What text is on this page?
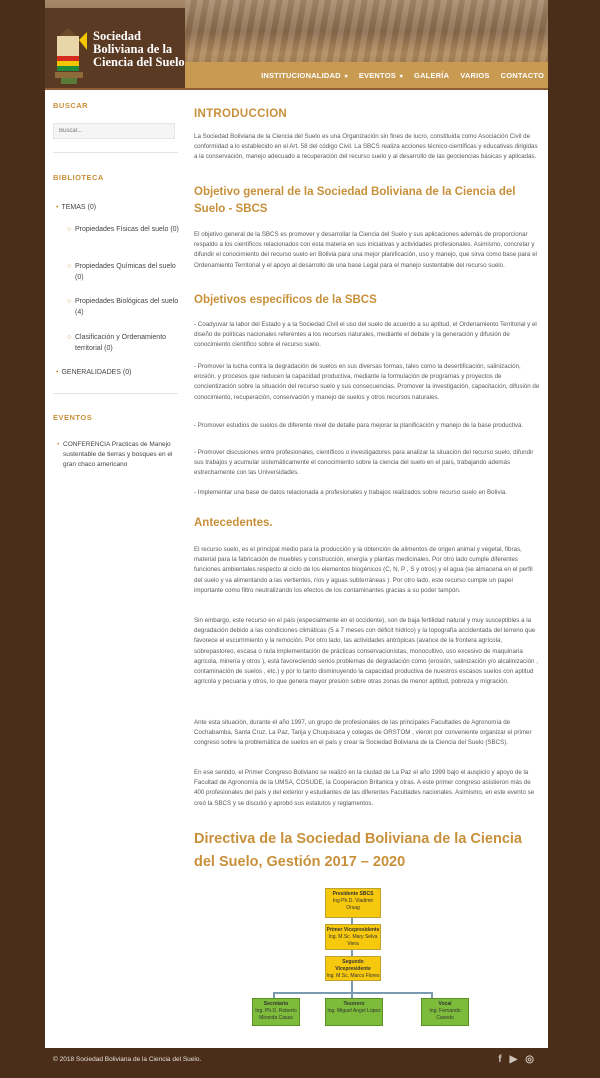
Sociedad
Boliviana de la
Ciencia del Suelo
INSTITUCIONALIDAD ▾ EVENTOS ▾ GALERÍA VARIOS CONTACTO
BUSCAR
Buscar...
BIBLIOTECA
• TEMAS (0)
○ Propiedades Físicas del suelo (0)
○ Propiedades Químicas del suelo (0)
○ Propiedades Biológicas del suelo (4)
○ Clasificación y Ordenamiento territorial (0)
• GENERALIDADES (0)
EVENTOS
• CONFERENCIA Practicas de Manejo sustentable de tierras y bosques en el gran chaco americano
INTRODUCCION

La Sociedad Boliviana de la Ciencia del Suelo es una Organización sin fines de lucro, constituida como Asociación Civil de conformidad a lo establecido en el Art. 58 del código Civil. La SBCS realiza acciones técnico-científicas y educativas dirigidas a la conservación, manejo adecuado a recuperación del recurso suelo y al desarrollo de las geociencias básicas y aplicadas.

Objetivo general de la Sociedad Boliviana de la Ciencia del Suelo - SBCS

El objetivo general de la SBCS es promover y desarrollar la Ciencia del Suelo y sus aplicaciones además de proporcionar respaldo a los científicos relacionados con esta materia en sus iniciativas y actividades profesionales. Asimismo, concretar y difundir el conocimiento del recurso suelo en Bolivia para una mejor planificación, uso y manejo, que sirva como base para el Ordenamiento Territorial y el apoyo al desarrollo de una base Legal para el manejo sustentable del recurso suelo.

Objetivos específicos de la SBCS

- Coadyuvar la labor del Estado y a la Sociedad Civil el uso del suelo de acuerdo a su aptitud, el Ordenamiento Territorial y el diseño de políticas nacionales referentes a los recursos naturales, mediante el debate y la generación y difusión de conocimiento científico sobre el recurso suelo.

- Promover la lucha contra la degradación de suelos en sus diversas formas, tales como la desertificación, salinización, erosión, y procesos que reducen la capacidad productiva, mediante la formulación de programas y proyectos de concientización sobre la situación del recurso suelo y sus consecuencias. Promover la investigación, capacitación, difusión de conocimiento, recuperación, conservación y manejo de suelos y otros recursos naturales.

- Promover estudios de suelos de diferente nivel de detalle para mejorar la planificación y manejo de la base productiva.

- Promover discusiones entre profesionales, científicos o investigadores para analizar la situación del recurso suelo, difundir sus trabajos y acumular sistemáticamente el conocimiento sobre la ciencia del suelo en el país, trabajando además estrechamente con las Universidades.

- Implementar una base de datos relacionada a profesionales y trabajos realizados sobre recurso suelo en Bolivia.

Antecedentes.

El recurso suelo, es el principal medio para la producción y la obtención de alimentos de origen animal y vegetal, fibras, material para la fabricación de muebles y construcción, energía y plantas medicinales. Por otro lado cumple diferentes funciones ambientales respecto al ciclo de los elementos biogénicos (C, N, P , S y otros) y el agua (se almacena en el perfil del suelo y va alimentando a las vertientes, ríos y aguas subterráneas ). Por otro lado, este recurso cumple un papel importante como filtro neutralizando los efectos de los contaminantes gracias a su poder tampón.

Sin embargo, este recurso en el país (especialmente en el occidente), son de baja fertilidad natural y muy susceptibles a la degradación debido a las condiciones climáticas (5 a 7 meses con déficit hídrico) y la topografía accidentada del terreno que favorece el escurrimiento y la remoción. Por otro lado, las actividades antrópicas (avance de la frontera agrícola, sobrepastoreo, escasa o nula implementación de prácticas conservacionistas, monocultivo, uso excesivo de maquinaria agrícola, minería y otros ), está favoreciendo serios problemas de degradación como (erosión, salinización y/o alcalinización , contaminación de suelos , etc.) y por lo tanto disminuyendo la capacidad productiva de nuestros escasos suelos con aptitud agrícola y pecuaria y otros, lo que genera mayor presión sobre otras zonas de menor aptitud, pobreza y migración.

Ante esta situación, durante el año 1997, un grupo de profesionales de las principales Facultades de Agronomía de Cochabamba, Santa Cruz, La Paz, Tarija y Chuquisaca y colegas de ORSTOM , vieron por conveniente organizar el primer congreso sobre la problemática de suelos en el país y crear la Sociedad Boliviana de la Ciencia del Suelo (SBCS).

En ese sentido, el Primer Congreso Boliviano se realizó en la ciudad de La Paz el año 1999 bajo el auspicio y apoyo de la Facultad de Agronomía de la UMSA, COSUDE, la Cooperacion Britanica y otras. A este primer congreso asistieron más de 400 profesionales del país y del exterior y estudiantes de las diferentes Facultades nacionales. Asimismo, en este evento se creó la SBCS y se discutió y aprobó sus estatutos y reglamentos.

Directiva de la Sociedad Boliviana de la Ciencia del Suelo, Gestión 2017 – 2020
Presidente SBCS
Ing Ph.D. Vladimir Orsag
Primer Vicepresidente
Ing. M.Sc. Mary Selva Viera
Segundo Vicepresidente
Ing. M.Sc. Marco Flores
Secretario
Ing. Ph.D. Roberto Miranda Casas
Tesorero
Ing. Miguel Angel Lopez
Vocal
Ing. Fernando Canedo
© 2018 Sociedad Boliviana de la Ciencia del Suelo.	f ▶ ◎
